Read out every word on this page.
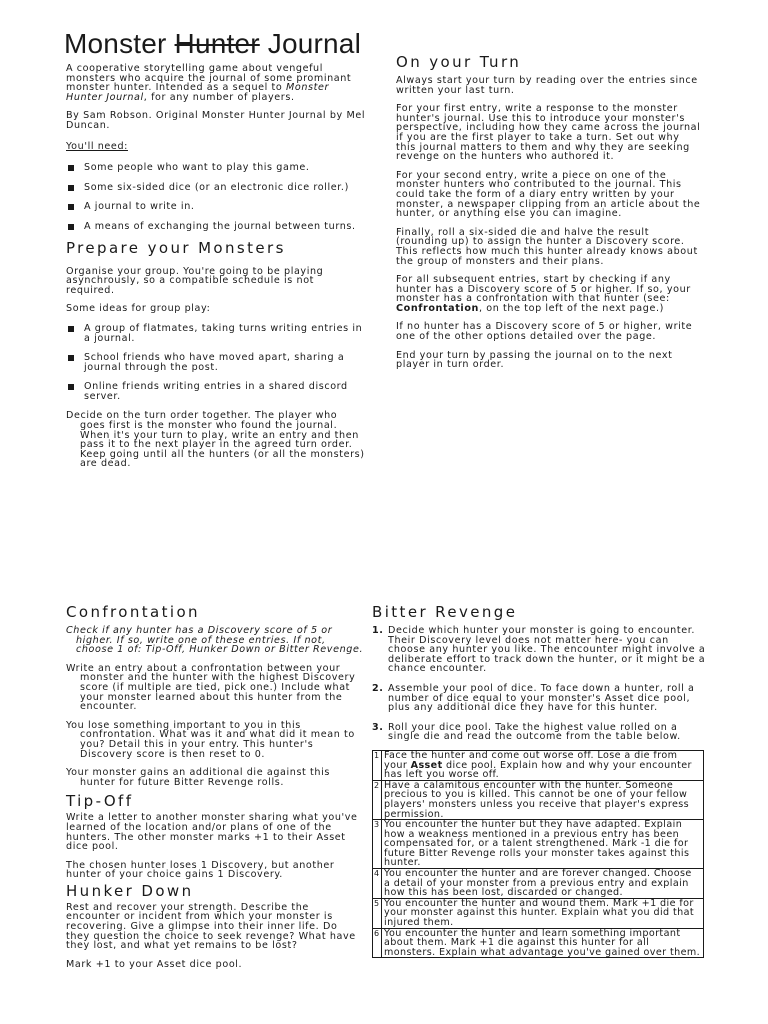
Monster Hunter Journal

A cooperative storytelling game about vengeful monsters who acquire the journal of some prominant monster hunter. Intended as a sequel to Monster Hunter Journal, for any number of players.

By Sam Robson. Original Monster Hunter Journal by Mel Duncan.

You'll need:

Some people who want to play this game.
Some six-sided dice (or an electronic dice roller.)
A journal to write in.
A means of exchanging the journal between turns.
Prepare your Monsters

Organise your group. You're going to be playing asynchrously, so a compatible schedule is not required.

Some ideas for group play:

A group of flatmates, taking turns writing entries in a journal.
School friends who have moved apart, sharing a journal through the post.
Online friends writing entries in a shared discord server.

Decide on the turn order together. The player who goes first is the monster who found the journal. When it's your turn to play, write an entry and then pass it to the next player in the agreed turn order. Keep going until all the hunters (or all the monsters) are dead.

On your Turn

Always start your turn by reading over the entries since written your last turn.

For your first entry, write a response to the monster hunter's journal. Use this to introduce your monster's perspective, including how they came across the journal if you are the first player to take a turn. Set out why this journal matters to them and why they are seeking revenge on the hunters who authored it.

For your second entry, write a piece on one of the monster hunters who contributed to the journal. This could take the form of a diary entry written by your monster, a newspaper clipping from an article about the hunter, or anything else you can imagine.

Finally, roll a six-sided die and halve the result (rounding up) to assign the hunter a Discovery score. This reflects how much this hunter already knows about the group of monsters and their plans.

For all subsequent entries, start by checking if any hunter has a Discovery score of 5 or higher. If so, your monster has a confrontation with that hunter (see: Confrontation, on the top left of the next page.)

If no hunter has a Discovery score of 5 or higher, write one of the other options detailed over the page.

End your turn by passing the journal on to the next player in turn order.

Confrontation

Check if any hunter has a Discovery score of 5 or higher. If so, write one of these entries. If not, choose 1 of: Tip-Off, Hunker Down or Bitter Revenge.

Write an entry about a confrontation between your monster and the hunter with the highest Discovery score (if multiple are tied, pick one.) Include what your monster learned about this hunter from the encounter.

You lose something important to you in this confrontation. What was it and what did it mean to you? Detail this in your entry. This hunter's Discovery score is then reset to 0.

Your monster gains an additional die against this hunter for future Bitter Revenge rolls.

Tip-Off

Write a letter to another monster sharing what you've learned of the location and/or plans of one of the hunters. The other monster marks +1 to their Asset dice pool.

The chosen hunter loses 1 Discovery, but another hunter of your choice gains 1 Discovery.

Hunker Down

Rest and recover your strength. Describe the encounter or incident from which your monster is recovering. Give a glimpse into their inner life. Do they question the choice to seek revenge? What have they lost, and what yet remains to be lost?

Mark +1 to your Asset dice pool.

Bitter Revenge
1. Decide which hunter your monster is going to encounter. Their Discovery level does not matter here- you can choose any hunter you like. The encounter might involve a deliberate effort to track down the hunter, or it might be a chance encounter.
2. Assemble your pool of dice. To face down a hunter, roll a number of dice equal to your monster's Asset dice pool, plus any additional dice they have for this hunter.
3. Roll your dice pool. Take the highest value rolled on a single die and read the outcome from the table below.
1	Face the hunter and come out worse off. Lose a die from your Asset dice pool. Explain how and why your encounter has left you worse off.
2	Have a calamitous encounter with the hunter. Someone precious to you is killed. This cannot be one of your fellow players' monsters unless you receive that player's express permission.
3	You encounter the hunter but they have adapted. Explain how a weakness mentioned in a previous entry has been compensated for, or a talent strengthened. Mark -1 die for future Bitter Revenge rolls your monster takes against this hunter.
4	You encounter the hunter and are forever changed. Choose a detail of your monster from a previous entry and explain how this has been lost, discarded or changed.
5	You encounter the hunter and wound them. Mark +1 die for your monster against this hunter. Explain what you did that injured them.
6	You encounter the hunter and learn something important about them. Mark +1 die against this hunter for all monsters. Explain what advantage you've gained over them.
